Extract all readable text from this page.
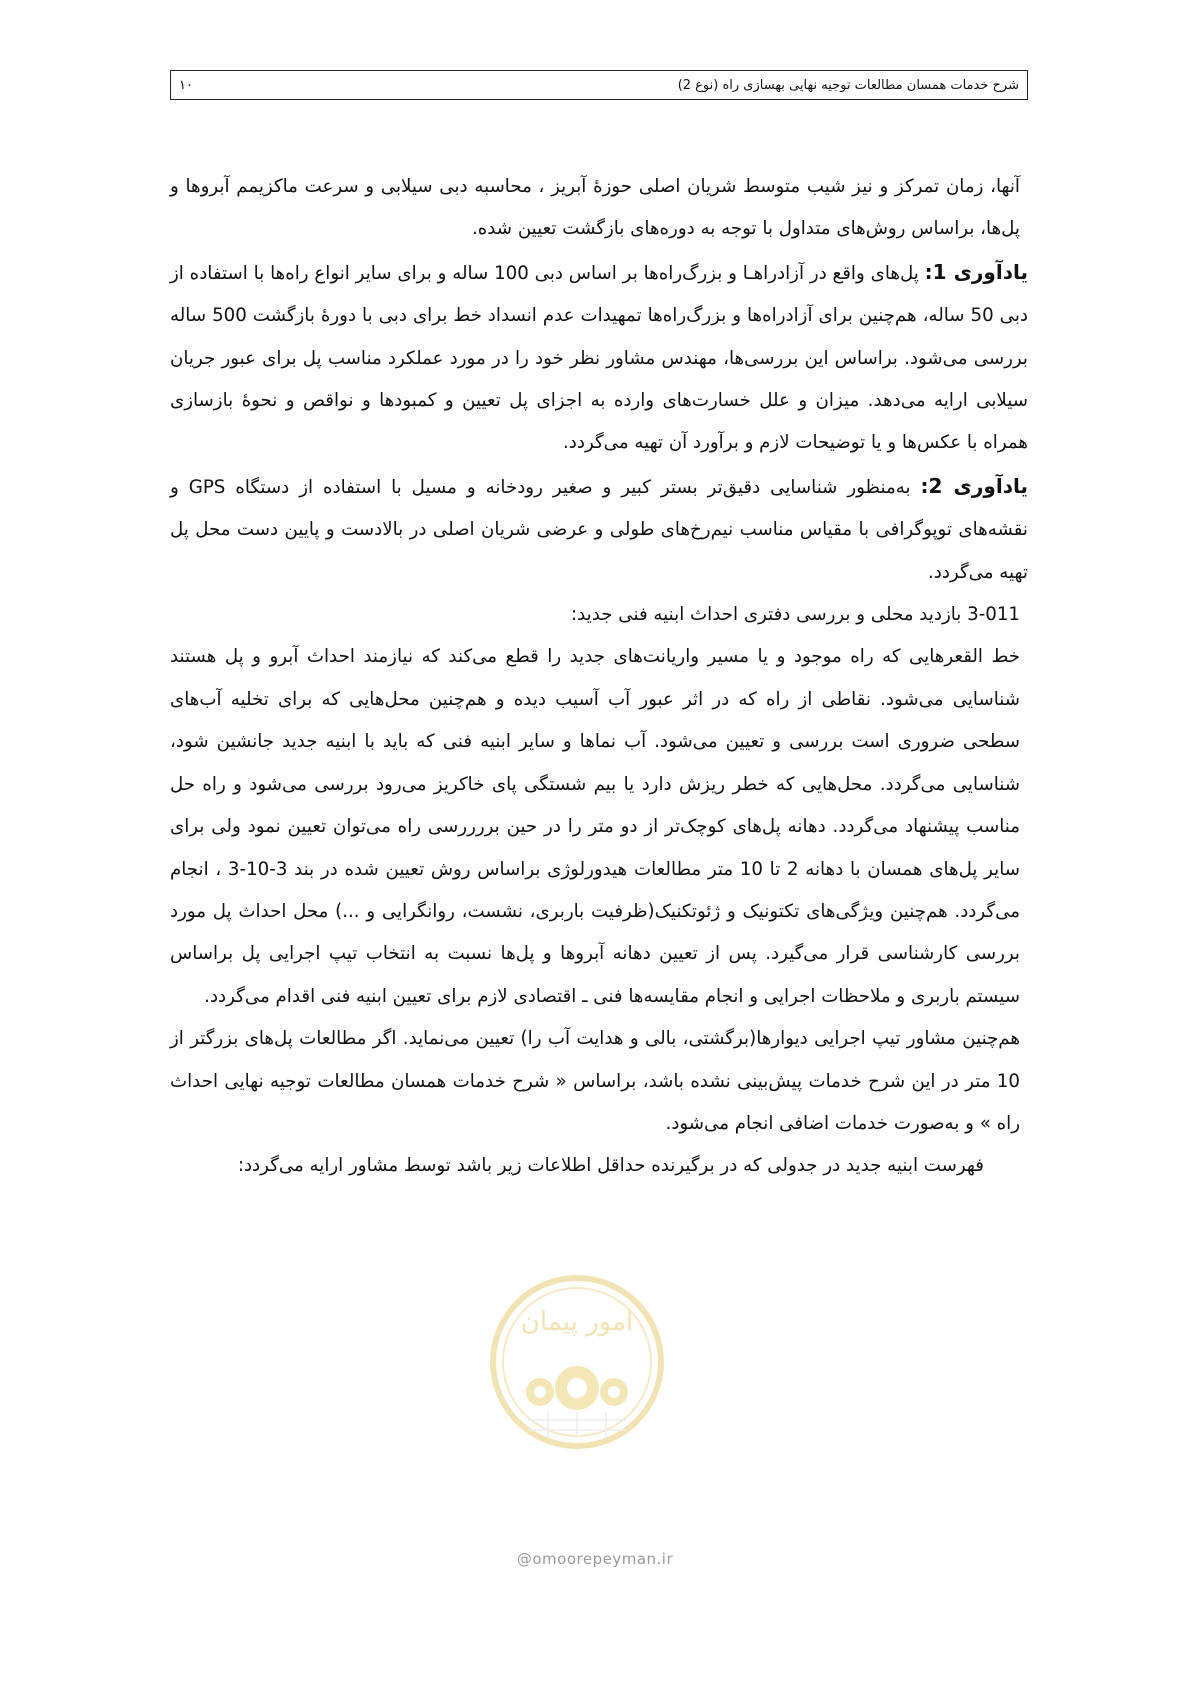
شرح خدمات همسان مطالعات توجیه نهایی بهسازی راه (نوع 2)
۱۰

آنها، زمان تمرکز و نیز شیب متوسط شریان اصلی حوزۀ آبریز ، محاسبه دبی سیلابی و سرعت ماکزیمم آبروها و پل‌ها، براساس روش‌های متداول با توجه به دوره‌های بازگشت تعیین شده.

یادآوری 1: پل‌های واقع در آزادراهـا و بزرگ‌راه‌ها بر اساس دبی 100 ساله و برای سایر انواع راه‌ها با استفاده از دبی 50 ساله، هم‌چنین برای آزادراه‌ها و بزرگ‌راه‌ها تمهیدات عدم انسداد خط برای دبی با دورۀ بازگشت 500 ساله بررسی می‌شود. براساس این بررسی‌ها، مهندس مشاور نظر خود را در مورد عملکرد مناسب پل برای عبور جریان سیلابی ارایه می‌دهد. میزان و علل خسارت‌های وارده به اجزای پل تعیین و کمبودها و نواقص و نحوۀ بازسازی همراه با عکس‌ها و یا توضیحات لازم و برآورد آن تهیه می‌گردد.

یادآوری 2: به‌منظور شناسایی دقیق‌تر بستر کبیر و صغیر رودخانه و مسیل با استفاده از دستگاه GPS و نقشه‌های توپوگرافی با مقیاس مناسب نیم‌رخ‌های طولی و عرضی شریان اصلی در بالادست و پایین دست محل پل تهیه می‌گردد.

3-011 بازدید محلی و بررسی دفتری احداث ابنیه فنی جدید:

خط القعرهایی که راه موجود و یا مسیر واریانت‌های جدید را قطع می‌کند که نیازمند احداث آبرو و پل هستند شناسایی می‌شود. نقاطی از راه که در اثر عبور آب آسیب دیده و هم‌چنین محل‌هایی که برای تخلیه آب‌های سطحی ضروری است بررسی و تعیین می‌شود. آب نماها و سایر ابنیه فنی که باید با ابنیه جدید جانشین شود، شناسایی می‌گردد. محل‌هایی که خطر ریزش دارد یا بیم شستگی پای خاکریز می‌رود بررسی می‌شود و راه حل مناسب پیشنهاد می‌گردد. دهانه پل‌های کوچک‌تر از دو متر را در حین بررررسی راه می‌توان تعیین نمود ولی برای سایر پل‌های همسان با دهانه 2 تا 10 متر مطالعات هیدورلوژی براساس روش تعیین شده در بند 3-10-3 ، انجام می‌گردد. هم‌چنین ویژگی‌های تکتونیک و ژئوتکنیک(ظرفیت باربری، نشست، روانگرایی و ...) محل احداث پل مورد بررسی کارشناسی قرار می‌گیرد. پس از تعیین دهانه آبروها و پل‌ها نسبت به انتخاب تیپ اجرایی پل براساس سیستم باربری و ملاحظات اجرایی و انجام مقایسه‌ها فنی ـ اقتصادی لازم برای تعیین ابنیه فنی اقدام می‌گردد.

هم‌چنین مشاور تیپ اجرایی دیوارها(برگشتی، بالی و هدایت آب را) تعیین می‌نماید. اگر مطالعات پل‌های بزرگتر از 10 متر در این شرح خدمات پیش‌بینی نشده باشد، براساس « شرح خدمات همسان مطالعات توجیه نهایی احداث راه » و به‌صورت خدمات اضافی انجام می‌شود.

فهرست ابنیه جدید در جدولی که در برگیرنده حداقل اطلاعات زیر باشد توسط مشاور ارایه می‌گردد:

امور پیمان
@omoorepeyman.ir
